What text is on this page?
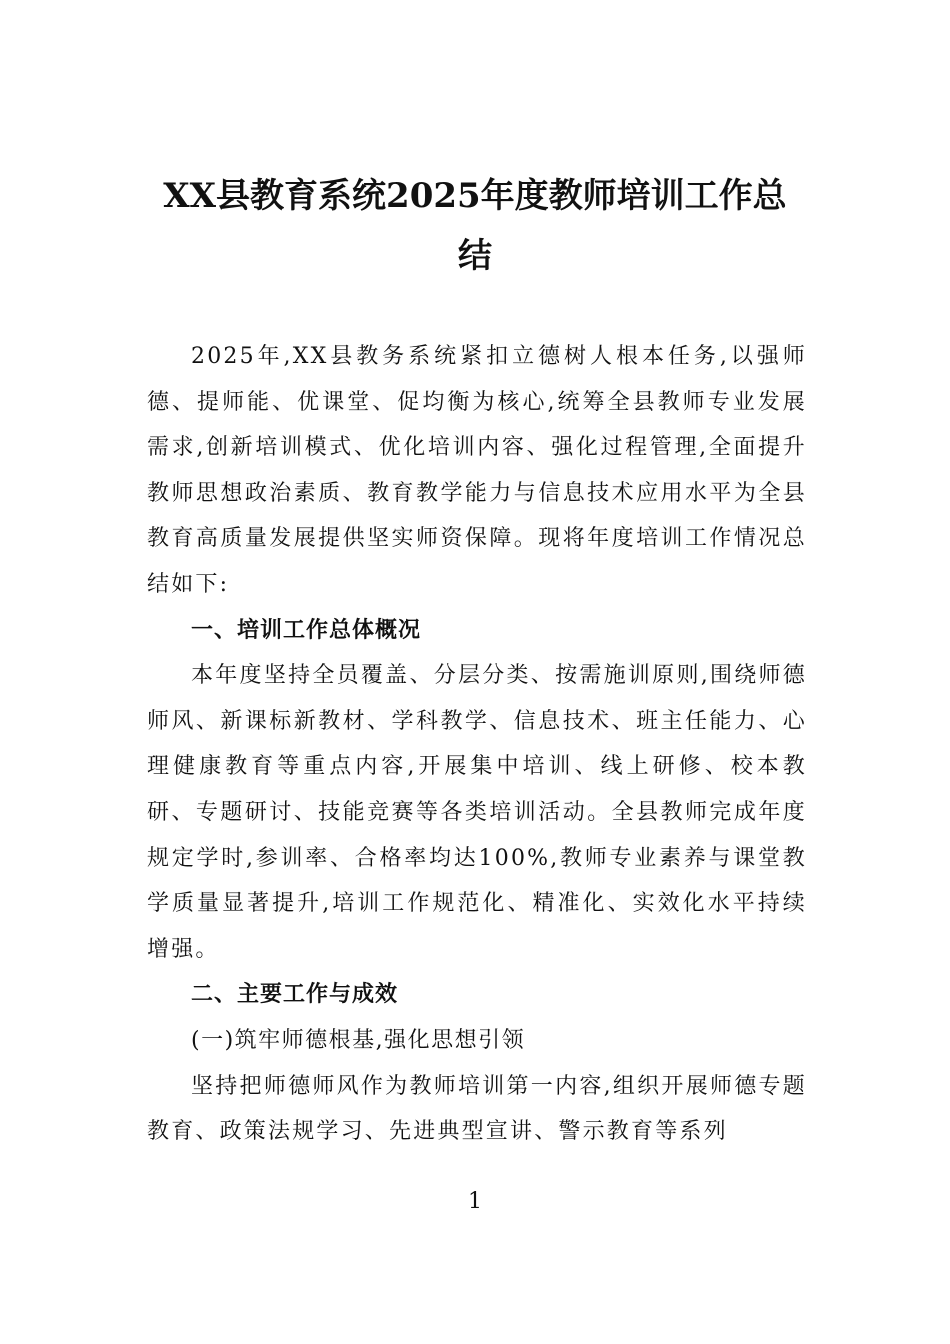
XX县教育系统2025年度教师培训工作总
结

2025年,XX县教务系统紧扣立德树人根本任务,以强师德、提师能、优课堂、促均衡为核心,统筹全县教师专业发展需求,创新培训模式、优化培训内容、强化过程管理,全面提升教师思想政治素质、教育教学能力与信息技术应用水平为全县教育高质量发展提供坚实师资保障。现将年度培训工作情况总结如下:

一、培训工作总体概况

本年度坚持全员覆盖、分层分类、按需施训原则,围绕师德师风、新课标新教材、学科教学、信息技术、班主任能力、心理健康教育等重点内容,开展集中培训、线上研修、校本教研、专题研讨、技能竞赛等各类培训活动。全县教师完成年度规定学时,参训率、合格率均达100%,教师专业素养与课堂教学质量显著提升,培训工作规范化、精准化、实效化水平持续增强。

二、主要工作与成效

(一)筑牢师德根基,强化思想引领

坚持把师德师风作为教师培训第一内容,组织开展师德专题教育、政策法规学习、先进典型宣讲、警示教育等系列

1
